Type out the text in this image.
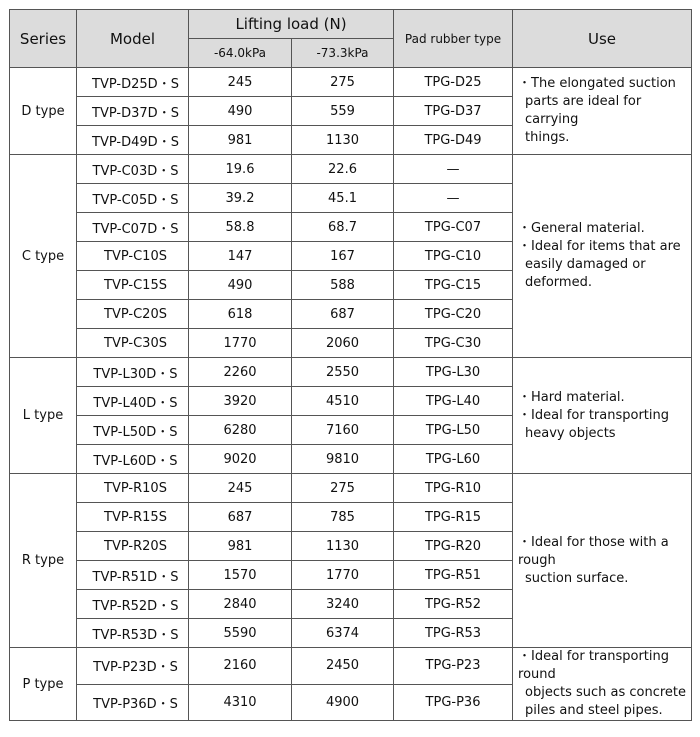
Series	Model	Lifting load (N)		Pad rubber type	Use
		-64.0kPa	-73.3kPa		
D type	TVP-D25D・S	245	275	TPG-D25	・The elongated suction
parts are ideal for carrying
things.

	TVP-D37D・S	490	559	TPG-D37	
	TVP-D49D・S	981	1130	TPG-D49	
C type	TVP-C03D・S	19.6	22.6	—	・General material.
・Ideal for items that are
easily damaged or
deformed.

	TVP-C05D・S	39.2	45.1	—	
	TVP-C07D・S	58.8	68.7	TPG-C07	
	TVP-C10S	147	167	TPG-C10	
	TVP-C15S	490	588	TPG-C15	
	TVP-C20S	618	687	TPG-C20	
	TVP-C30S	1770	2060	TPG-C30	
L type	TVP-L30D・S	2260	2550	TPG-L30	・Hard material.
・Ideal for transporting
heavy objects

	TVP-L40D・S	3920	4510	TPG-L40	
	TVP-L50D・S	6280	7160	TPG-L50	
	TVP-L60D・S	9020	9810	TPG-L60	
R type	TVP-R10S	245	275	TPG-R10	・Ideal for those with a rough
suction surface.

	TVP-R15S	687	785	TPG-R15	
	TVP-R20S	981	1130	TPG-R20	
	TVP-R51D・S	1570	1770	TPG-R51	
	TVP-R52D・S	2840	3240	TPG-R52	
	TVP-R53D・S	5590	6374	TPG-R53	
P type	TVP-P23D・S	2160	2450	TPG-P23	・Ideal for transporting round
objects such as concrete
piles and steel pipes.

	TVP-P36D・S	4310	4900	TPG-P36	
